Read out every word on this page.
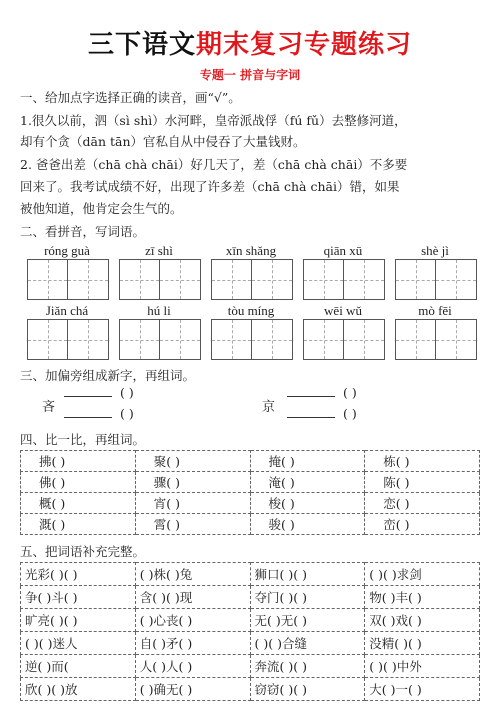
三下语文期末复习专题练习
专题一 拼音与字词
一、给加点字选择正确的读音，画“√”。
1.很久以前，泗（sì shì）水河畔，皇帝派战俘（fú fǔ）去整修河道，
却有个贪（dān tān）官私自从中侵吞了大量钱财。
2. 爸爸出差（chā chà chāi）好几天了，差（chā chà chāi）不多要
回来了。我考试成绩不好，出现了许多差（chā chà chāi）错，如果
被他知道，他肯定会生气的。
二、看拼音，写词语。
róng guà	zī shì	xīn shǎng	qiān xū	shè jì
Jiǎn chá	hú li	tòu míng	wēi wǔ	mò fēi
三、加偏旁组成新字，再组词。
吝
( )
( )	京
( )
( )
四、比一比，再组词。
拂( )	聚( )	掩( )	栋( )
佛( )	骤( )	淹( )	陈( )
概( )	宵( )	梭( )	恋( )
溉( )	霄( )	骏( )	峦( )
五、把词语补充完整。
光彩( )( )	( )株( )兔	狮口( )( )	( )( )求剑
争( )斗( )	含( )( )现	夺门( )( )	物( )丰( )
旷亮( )( )	( )心丧( )	无( )无( )	双( )戏( )
( )( )迷人	自( )矛( )	( )( )合缝	没精( )( )
逆( )而(	人( )人( )	奔流( )( )	( )( )中外
欣( )( )放	( )确无( )	窃窃( )( )	大( )一( )
